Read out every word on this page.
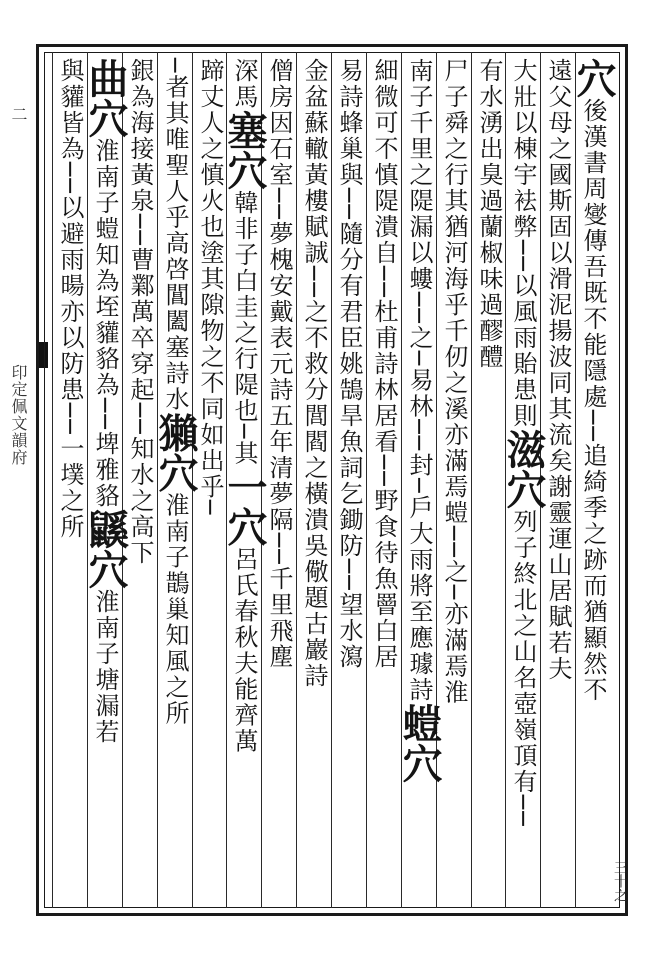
二
印定佩文韻府
穴後漢書周燮傳吾既不能隱處──追綺季之跡而猶顯然不
遠父母之國斯固以滑泥揚波同其流矣謝靈運山居賦若夫
大壯以棟宇袪弊──以風雨貽患則滋穴列子終北之山名壺嶺頂有──
有水湧出臭過蘭椒味過醪醴
尸子舜之行其猶河海乎千仞之溪亦滿焉螘──之─亦滿焉淮
南子千里之隄漏以螻──之─易林──封─戶大雨將至應璩詩螘穴
細微可不慎隄潰自──杜甫詩林居看──野食待魚罾白居
易詩蜂巢與──隨分有君臣姚鵠旱魚詞乞鋤防──望水瀉
金盆蘇轍黃樓賦誠──之不救分閭閻之橫潰吳儆題古巖詩
僧房因石室──夢槐安戴表元詩五年清夢隔──千里飛塵
深馬塞穴韓非子白圭之行隄也─其一穴呂氏春秋夫能齊萬
蹄丈人之慎火也塗其隙物之不同如出乎─
─者其唯聖人乎高啓閶闔塞詩水獺穴淮南子鵲巢知風之所
銀為海接黃泉──曹鄴萬卒穿起──知水之高下
曲穴淮南子螘知為垤貛貉為──埤雅貉鼷穴淮南子塘漏若
與貛皆為──以避雨暘亦以防患──一墣之所
三十之
